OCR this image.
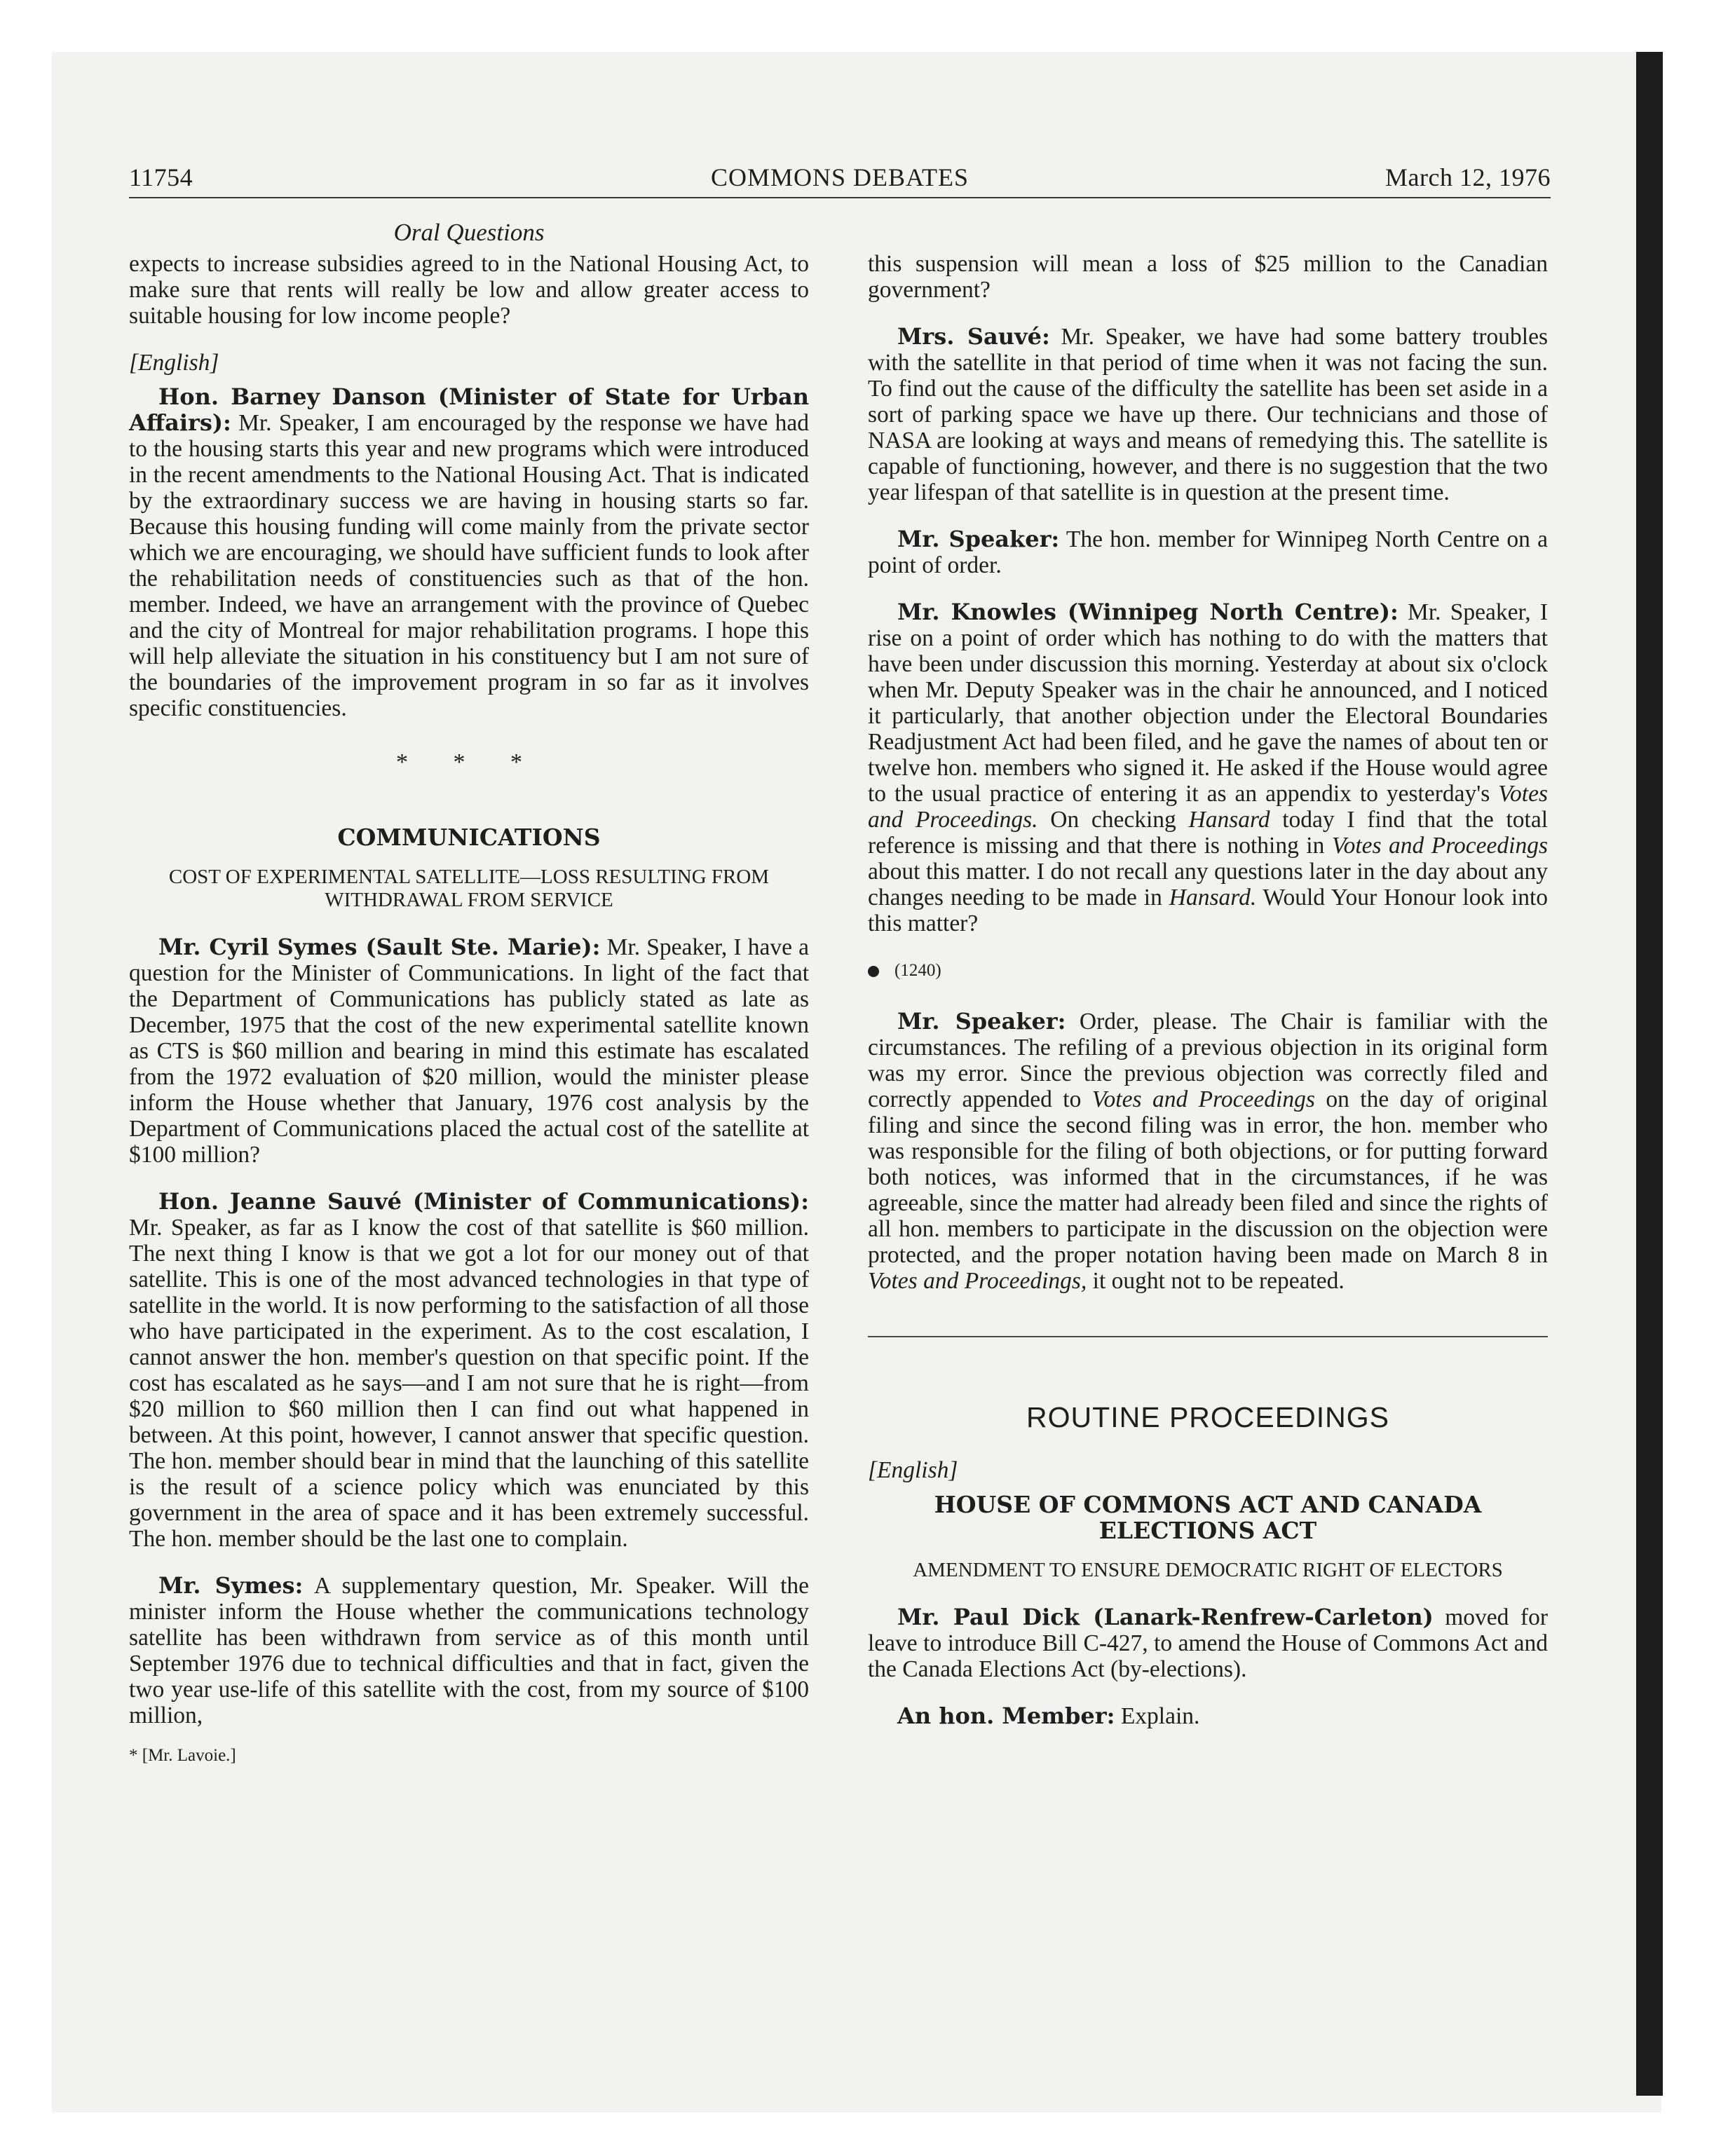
11754	COMMONS DEBATES	March 12, 1976
Oral Questions

expects to increase subsidies agreed to in the National Housing Act, to make sure that rents will really be low and allow greater access to suitable housing for low income people?

[English]

Hon. Barney Danson (Minister of State for Urban Affairs): Mr. Speaker, I am encouraged by the response we have had to the housing starts this year and new programs which were introduced in the recent amendments to the National Housing Act. That is indicated by the extraordinary success we are having in housing starts so far. Because this housing funding will come mainly from the private sector which we are encouraging, we should have sufficient funds to look after the rehabilitation needs of constituencies such as that of the hon. member. Indeed, we have an arrangement with the province of Quebec and the city of Montreal for major rehabilitation programs. I hope this will help alleviate the situation in his constituency but I am not sure of the boundaries of the improvement program in so far as it involves specific constituencies.

* * *

COMMUNICATIONS

COST OF EXPERIMENTAL SATELLITE—LOSS RESULTING FROM WITHDRAWAL FROM SERVICE

Mr. Cyril Symes (Sault Ste. Marie): Mr. Speaker, I have a question for the Minister of Communications. In light of the fact that the Department of Communications has publicly stated as late as December, 1975 that the cost of the new experimental satellite known as CTS is $60 million and bearing in mind this estimate has escalated from the 1972 evaluation of $20 million, would the minister please inform the House whether that January, 1976 cost analysis by the Department of Communications placed the actual cost of the satellite at $100 million?

Hon. Jeanne Sauvé (Minister of Communications): Mr. Speaker, as far as I know the cost of that satellite is $60 million. The next thing I know is that we got a lot for our money out of that satellite. This is one of the most advanced technologies in that type of satellite in the world. It is now performing to the satisfaction of all those who have participated in the experiment. As to the cost escalation, I cannot answer the hon. member's question on that specific point. If the cost has escalated as he says—and I am not sure that he is right—from $20 million to $60 million then I can find out what happened in between. At this point, however, I cannot answer that specific question. The hon. member should bear in mind that the launching of this satellite is the result of a science policy which was enunciated by this government in the area of space and it has been extremely successful. The hon. member should be the last one to complain.

Mr. Symes: A supplementary question, Mr. Speaker. Will the minister inform the House whether the communications technology satellite has been withdrawn from service as of this month until September 1976 due to technical difficulties and that in fact, given the two year use-life of this satellite with the cost, from my source of $100 million,

* [Mr. Lavoie.]

this suspension will mean a loss of $25 million to the Canadian government?

Mrs. Sauvé: Mr. Speaker, we have had some battery troubles with the satellite in that period of time when it was not facing the sun. To find out the cause of the difficulty the satellite has been set aside in a sort of parking space we have up there. Our technicians and those of NASA are looking at ways and means of remedying this. The satellite is capable of functioning, however, and there is no suggestion that the two year lifespan of that satellite is in question at the present time.

Mr. Speaker: The hon. member for Winnipeg North Centre on a point of order.

Mr. Knowles (Winnipeg North Centre): Mr. Speaker, I rise on a point of order which has nothing to do with the matters that have been under discussion this morning. Yesterday at about six o'clock when Mr. Deputy Speaker was in the chair he announced, and I noticed it particularly, that another objection under the Electoral Boundaries Readjustment Act had been filed, and he gave the names of about ten or twelve hon. members who signed it. He asked if the House would agree to the usual practice of entering it as an appendix to yesterday's Votes and Proceedings. On checking Hansard today I find that the total reference is missing and that there is nothing in Votes and Proceedings about this matter. I do not recall any questions later in the day about any changes needing to be made in Hansard. Would Your Honour look into this matter?

(1240)

Mr. Speaker: Order, please. The Chair is familiar with the circumstances. The refiling of a previous objection in its original form was my error. Since the previous objection was correctly filed and correctly appended to Votes and Proceedings on the day of original filing and since the second filing was in error, the hon. member who was responsible for the filing of both objections, or for putting forward both notices, was informed that in the circumstances, if he was agreeable, since the matter had already been filed and since the rights of all hon. members to participate in the discussion on the objection were protected, and the proper notation having been made on March 8 in Votes and Proceedings, it ought not to be repeated.

ROUTINE PROCEEDINGS

[English]

HOUSE OF COMMONS ACT AND CANADA ELECTIONS ACT

AMENDMENT TO ENSURE DEMOCRATIC RIGHT OF ELECTORS

Mr. Paul Dick (Lanark-Renfrew-Carleton) moved for leave to introduce Bill C-427, to amend the House of Commons Act and the Canada Elections Act (by-elections).

An hon. Member: Explain.
